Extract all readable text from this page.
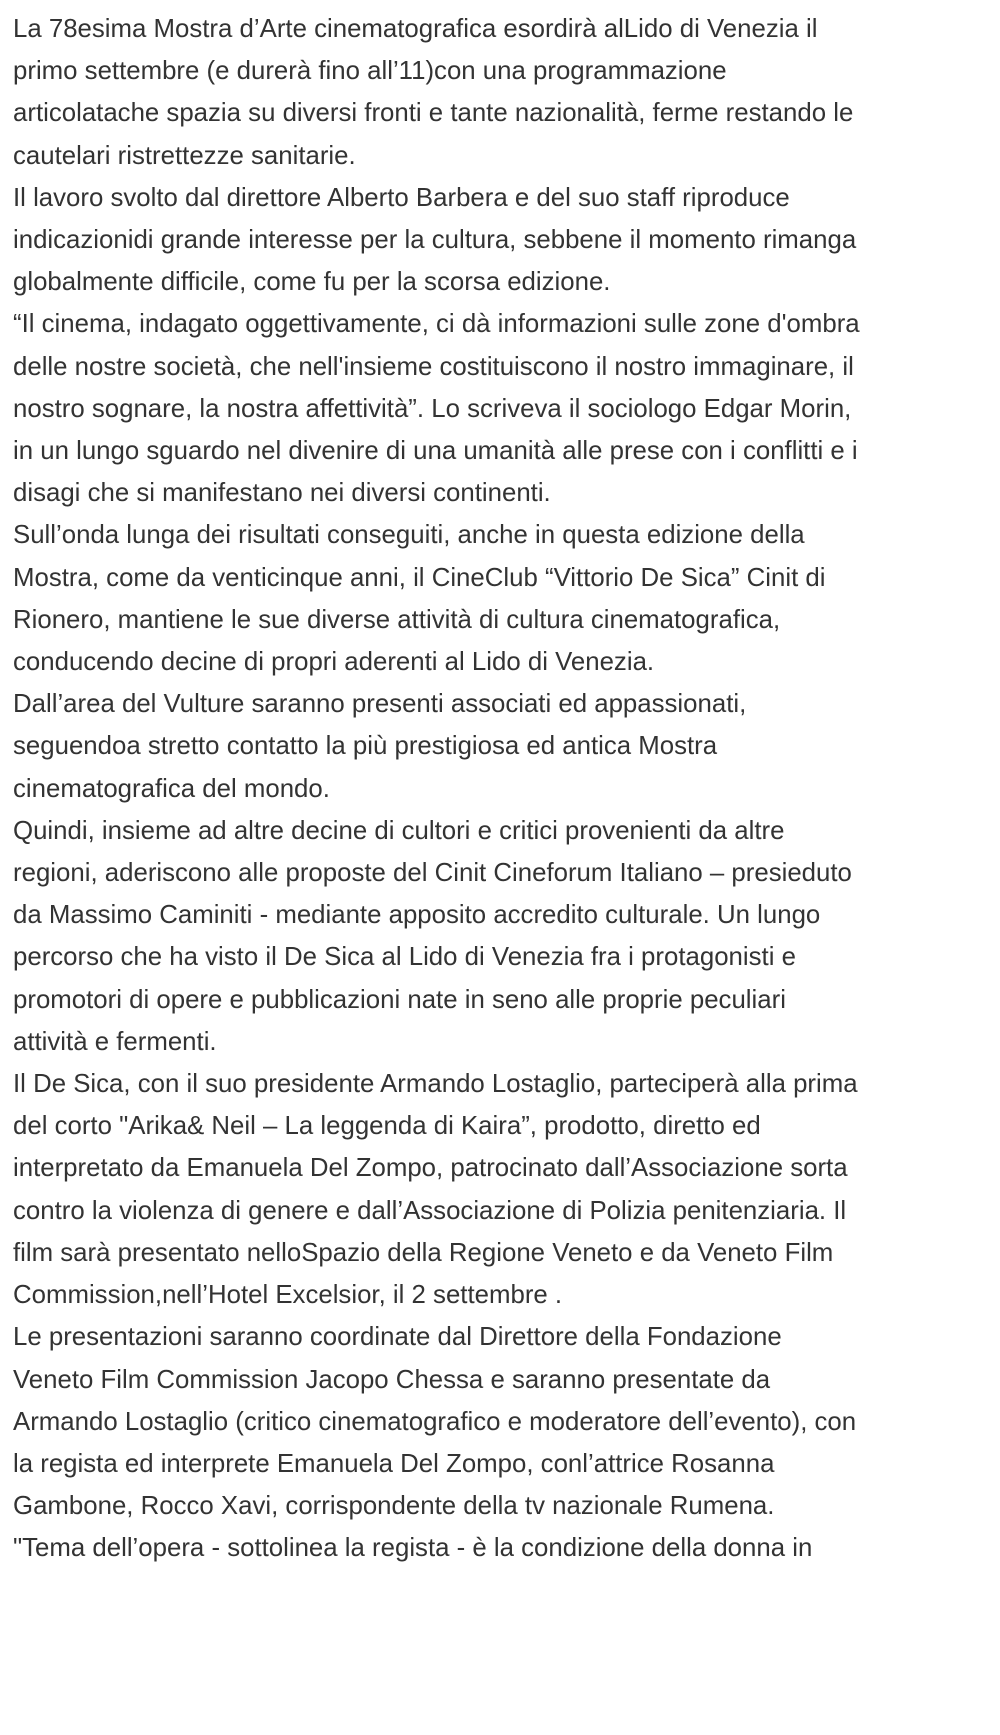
La 78esima Mostra d’Arte cinematografica esordirà alLido di Venezia il
primo settembre (e durerà fino all’11)con una programmazione
articolatache spazia su diversi fronti e tante nazionalità, ferme restando le
cautelari ristrettezze sanitarie.

Il lavoro svolto dal direttore Alberto Barbera e del suo staff riproduce
indicazionidi grande interesse per la cultura, sebbene il momento rimanga
globalmente difficile, come fu per la scorsa edizione.

“Il cinema, indagato oggettivamente, ci dà informazioni sulle zone d'ombra
delle nostre società, che nell'insieme costituiscono il nostro immaginare, il
nostro sognare, la nostra affettività”. Lo scriveva il sociologo Edgar Morin,
in un lungo sguardo nel divenire di una umanità alle prese con i conflitti e i
disagi che si manifestano nei diversi continenti.

Sull’onda lunga dei risultati conseguiti, anche in questa edizione della
Mostra, come da venticinque anni, il CineClub “Vittorio De Sica” Cinit di
Rionero, mantiene le sue diverse attività di cultura cinematografica,
conducendo decine di propri aderenti al Lido di Venezia.

Dall’area del Vulture saranno presenti associati ed appassionati,
seguendoa stretto contatto la più prestigiosa ed antica Mostra
cinematografica del mondo.

Quindi, insieme ad altre decine di cultori e critici provenienti da altre
regioni, aderiscono alle proposte del Cinit Cineforum Italiano – presieduto
da Massimo Caminiti - mediante apposito accredito culturale. Un lungo
percorso che ha visto il De Sica al Lido di Venezia fra i protagonisti e
promotori di opere e pubblicazioni nate in seno alle proprie peculiari
attività e fermenti.

Il De Sica, con il suo presidente Armando Lostaglio, parteciperà alla prima
del corto "Arika& Neil – La leggenda di Kaira”, prodotto, diretto ed
interpretato da Emanuela Del Zompo, patrocinato dall’Associazione sorta
contro la violenza di genere e dall’Associazione di Polizia penitenziaria. Il
film sarà presentato nelloSpazio della Regione Veneto e da Veneto Film
Commission,nell’Hotel Excelsior, il 2 settembre .

Le presentazioni saranno coordinate dal Direttore della Fondazione
Veneto Film Commission Jacopo Chessa e saranno presentate da
Armando Lostaglio (critico cinematografico e moderatore dell’evento), con
la regista ed interprete Emanuela Del Zompo, conl’attrice Rosanna
Gambone, Rocco Xavi, corrispondente della tv nazionale Rumena.

"Tema dell’opera - sottolinea la regista - è la condizione della donna in
